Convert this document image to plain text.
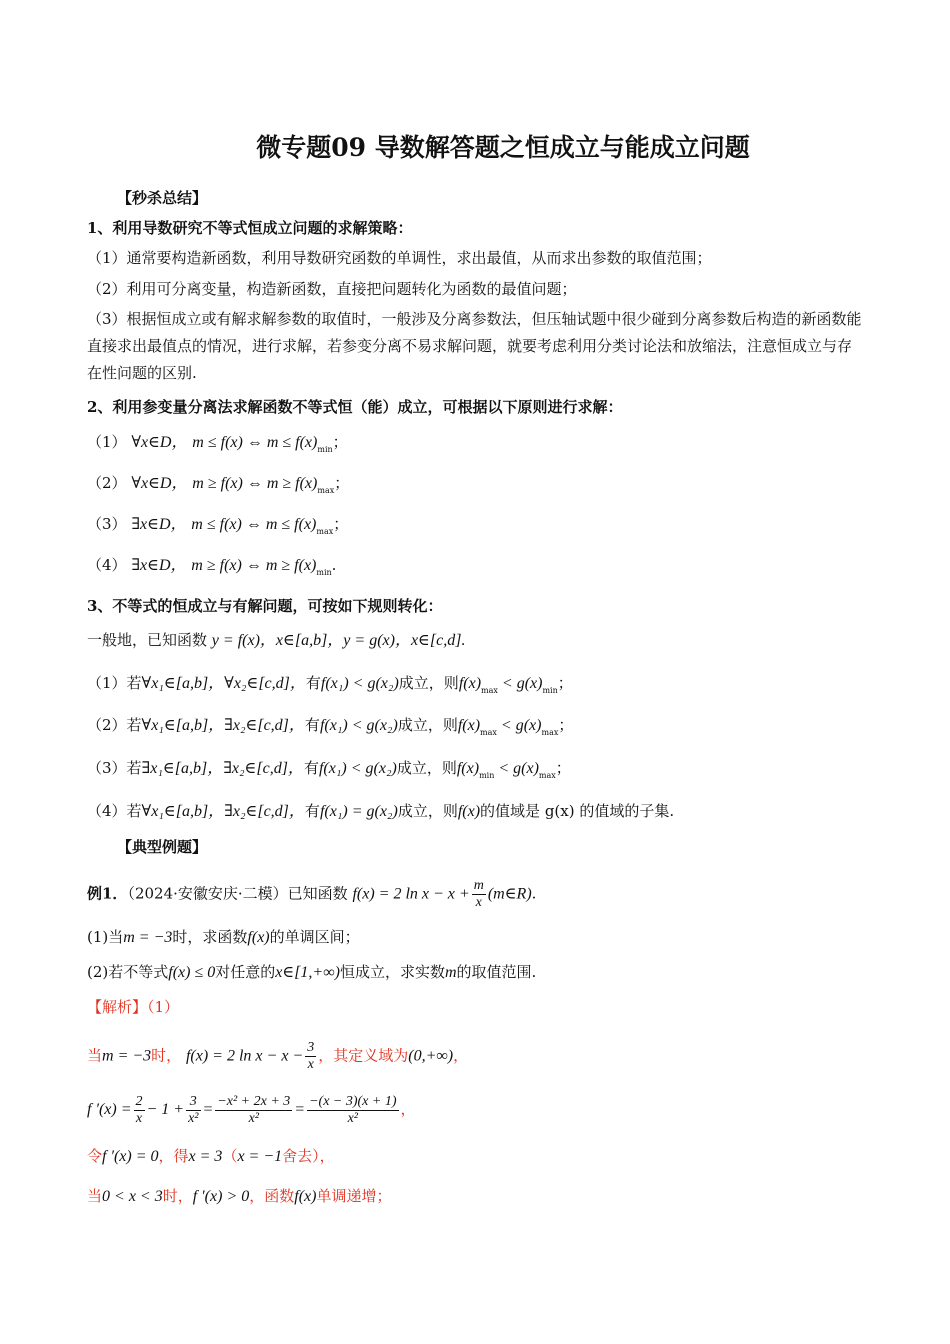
微专题09 导数解答题之恒成立与能成立问题
【秒杀总结】
1、利用导数研究不等式恒成立问题的求解策略：
（1）通常要构造新函数，利用导数研究函数的单调性，求出最值，从而求出参数的取值范围；
（2）利用可分离变量，构造新函数，直接把问题转化为函数的最值问题；
（3）根据恒成立或有解求解参数的取值时，一般涉及分离参数法，但压轴试题中很少碰到分离参数后构造的新函数能直接求出最值点的情况，进行求解，若参变分离不易求解问题，就要考虑利用分类讨论法和放缩法，注意恒成立与存在性问题的区别.
2、利用参变量分离法求解函数不等式恒（能）成立，可根据以下原则进行求解：
（1） ∀x∈D， m ≤ f(x) ⇔ $m \le f(x)_{min}$；
（2） ∀x∈D， m ≥ f(x) ⇔ $m \ge f(x)_{max}$；
（3） ∃x∈D， m ≤ f(x) ⇔ $m \le f(x)_{max}$；
（4） ∃x∈D， m ≥ f(x) ⇔ $m \ge f(x)_{min}$.
3、不等式的恒成立与有解问题，可按如下规则转化：
一般地，已知函数 y = f(x)，x∈[a,b]，y = g(x)，x∈[c,d].
（1）若∀x₁∈[a,b]，∀x₂∈[c,d]，有f(x₁) < g(x₂)成立，则$f(x)_{max} < g(x)_{min}$；
（2）若∀x₁∈[a,b]，∃x₂∈[c,d]，有f(x₁) < g(x₂)成立，则$f(x)_{max} < g(x)_{max}$；
（3）若∃x₁∈[a,b]，∃x₂∈[c,d]，有f(x₁) < g(x₂)成立，则$f(x)_{min} < g(x)_{max}$；
（4）若∀x₁∈[a,b]，∃x₂∈[c,d]，有f(x₁) = g(x₂)成立，则f(x)的值域是 g(x) 的值域的子集.
【典型例题】
例1．（2024·安徽安庆·二模）已知函数 f(x) = 2 $\ln x - x + \frac{m}{x}$ (m∈R).
(1)当m = −3时，求函数f(x)的单调区间；
(2)若不等式f(x) ≤ 0对任意的x∈[1,+∞)恒成立，求实数m的取值范围.
【解析】（1）
当m = −3时， f(x) = 2 $\ln x - x - \frac{3}{x}$ ，其定义域为(0,+∞)，
f $'(x) = \frac{2}{x} - 1 + \frac{3}{\text{x²}} = \frac{\text{−x² + 2x + 3}}{\text{x²}} = \frac{-(x - 3)(x + 1)}{\text{x²}}$ ，
令f ′(x) = 0，得x = 3（x = −1舍去），
当0 < x < 3时，f ′(x) > 0，函数f(x)单调递增；
